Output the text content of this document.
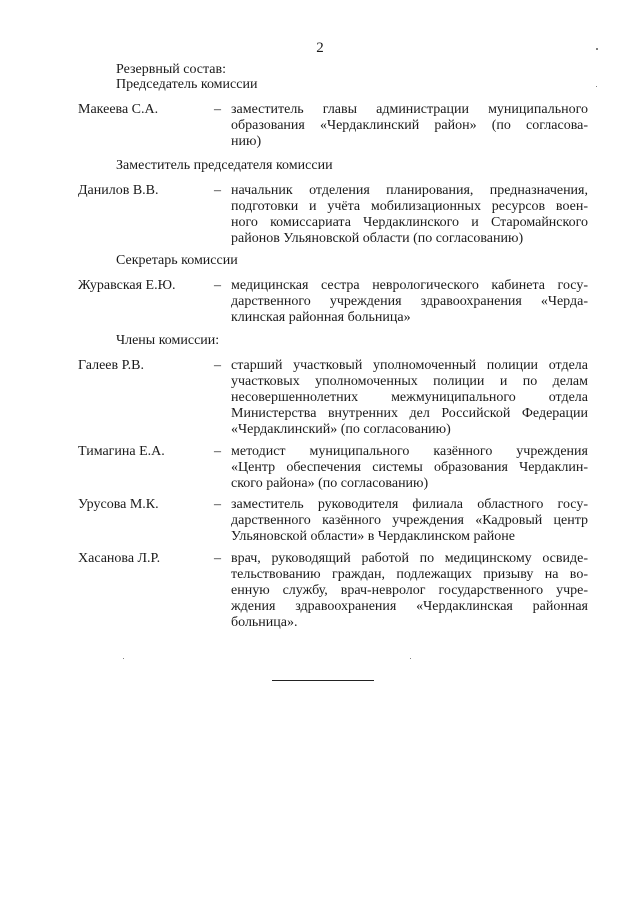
2
Резервный состав:
Председатель комиссии
Макеева С.А.	– заместитель главы администрации муниципального
образования «Чердаклинский район» (по согласова-
нию)
Заместитель председателя комиссии
Данилов В.В.	– начальник отделения планирования, предназначения,
подготовки и учёта мобилизационных ресурсов воен-
ного комиссариата Чердаклинского и Старомайнского
районов Ульяновской области (по согласованию)
Секретарь комиссии
Журавская Е.Ю.	– медицинская сестра неврологического кабинета госу-
дарственного учреждения здравоохранения «Черда-
клинская районная больница»
Члены комиссии:
Галеев Р.В.	– старший участковый уполномоченный полиции отдела
участковых уполномоченных полиции и по делам
несовершеннолетних межмуниципального отдела
Министерства внутренних дел Российской Федерации
«Чердаклинский» (по согласованию)
Тимагина Е.А.	– методист муниципального казённого учреждения
«Центр обеспечения системы образования Чердаклин-
ского района» (по согласованию)
Урусова М.К.	– заместитель руководителя филиала областного госу-
дарственного казённого учреждения «Кадровый центр
Ульяновской области» в Чердаклинском районе
Хасанова Л.Р.	– врач, руководящий работой по медицинскому освиде-
тельствованию граждан, подлежащих призыву на во-
енную службу, врач-невролог государственного учре-
ждения здравоохранения «Чердаклинская районная
больница».
